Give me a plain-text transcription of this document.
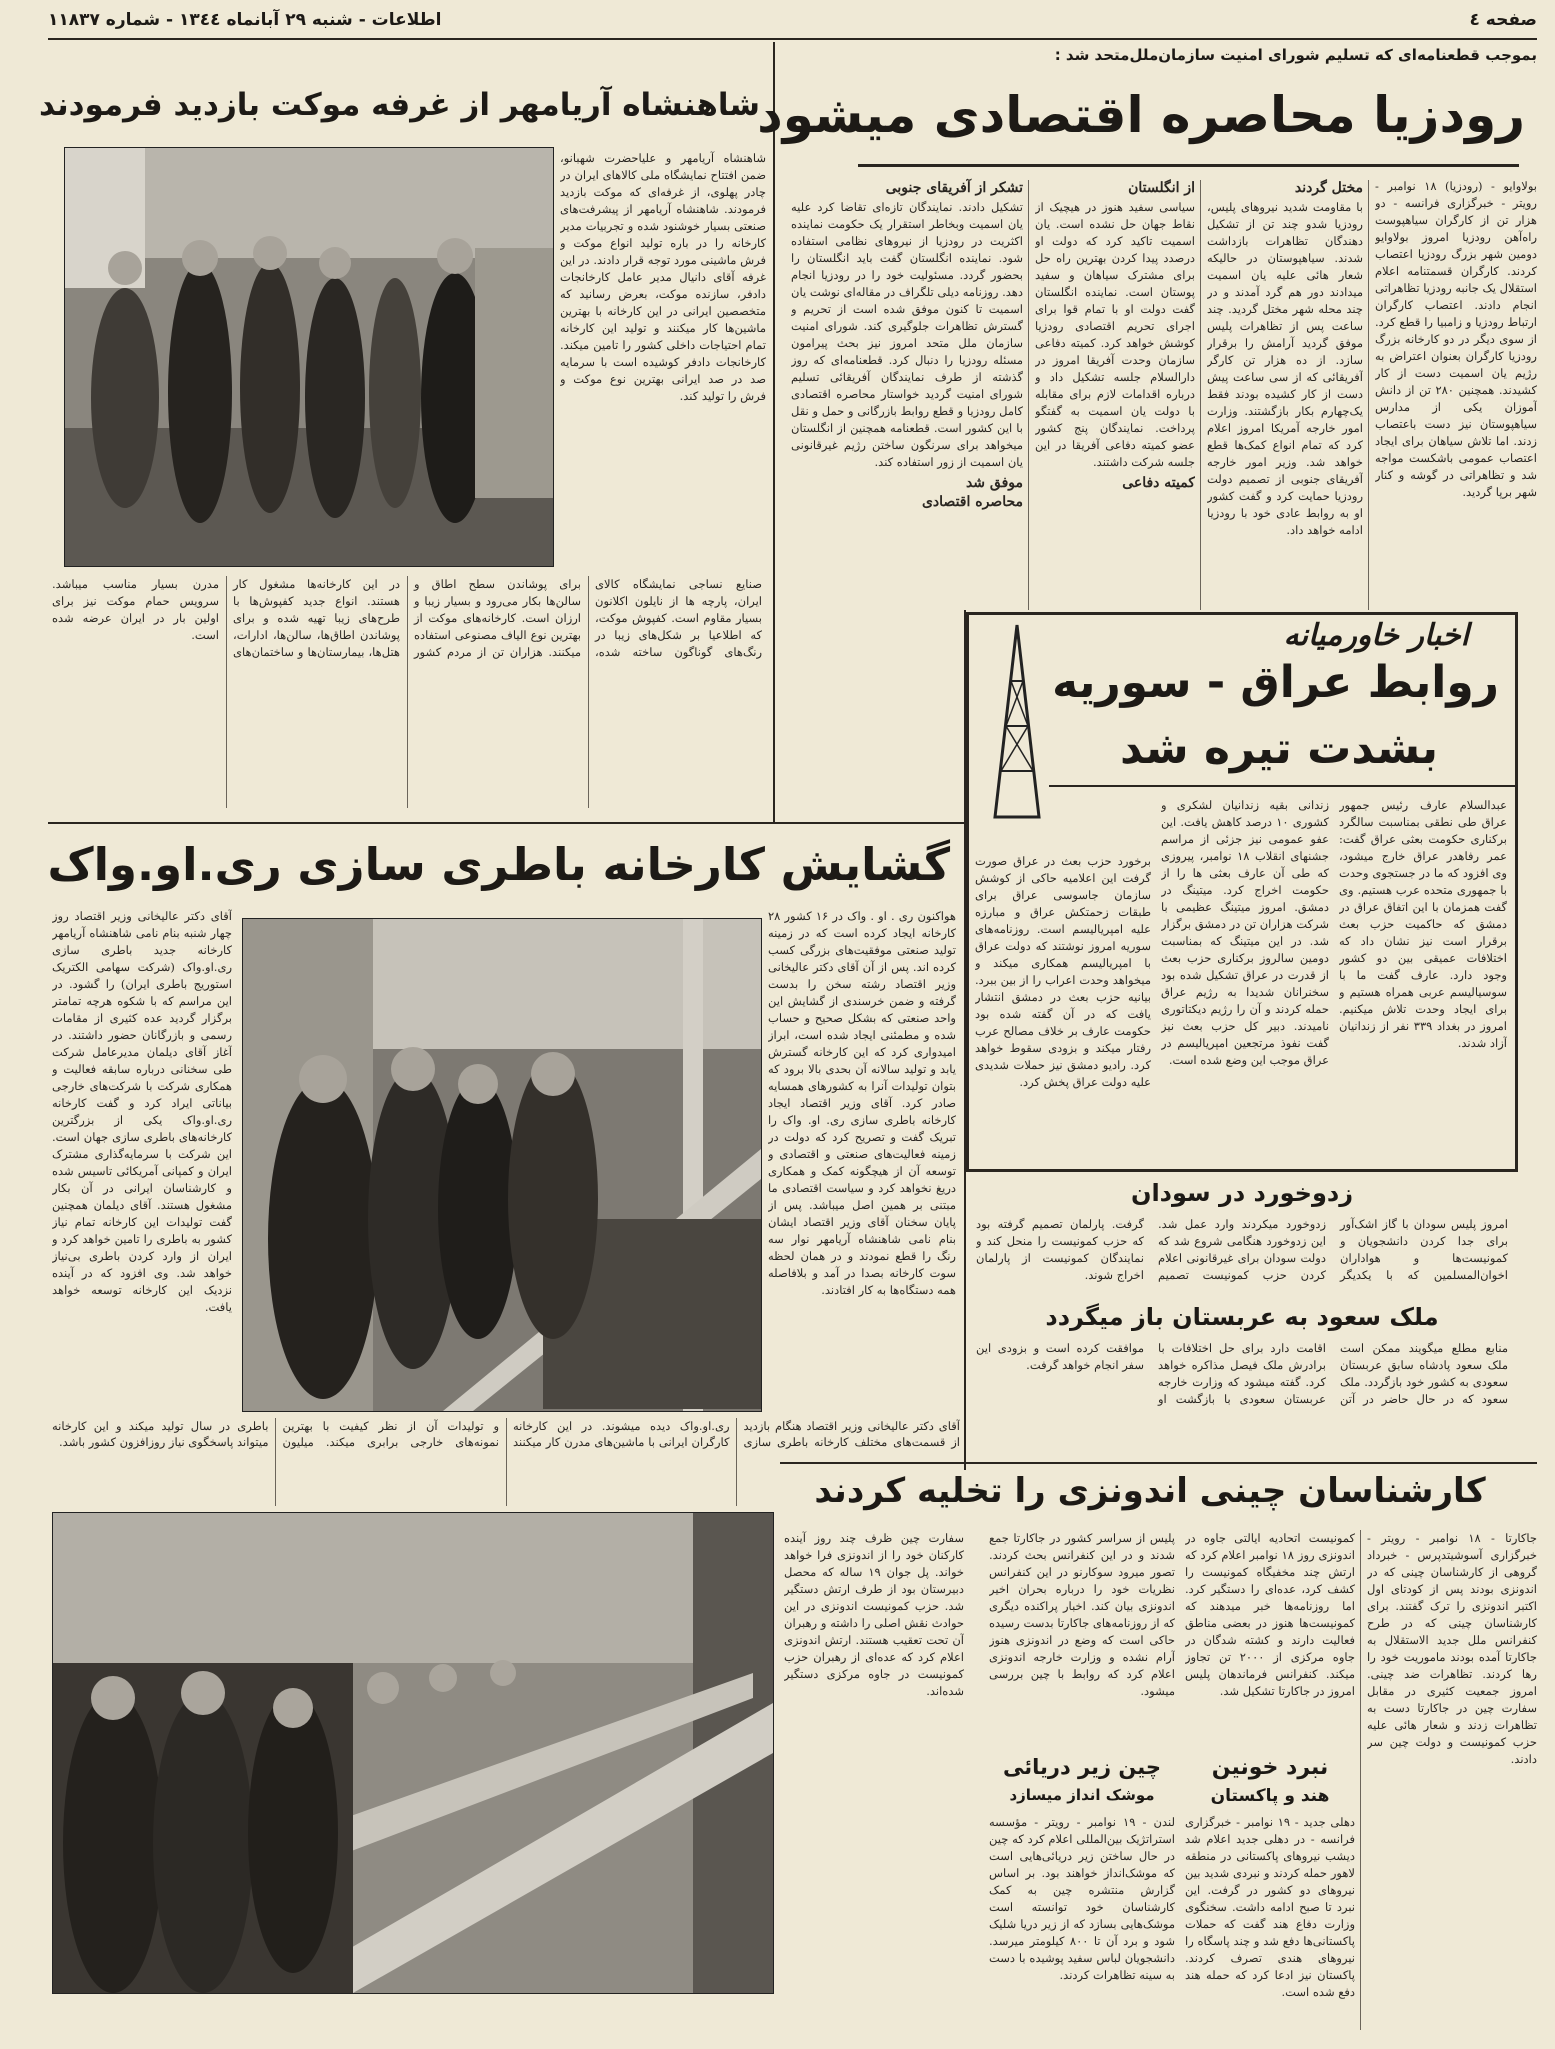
صفحه ٤
اطلاعات - شنبه ۲۹ آبانماه ۱۳٤٤ - شماره ۱۱۸۳۷
بموجب قطعنامه‌ای که تسلیم شورای امنیت سازمان‌ملل‌متحد شد :
رودزیا محاصره اقتصادی میشود

بولاوایو - (رودزیا) ۱۸ نوامبر - رویتر - خبرگزاری فرانسه - دو هزار تن از کارگران سیاهپوست راه‌آهن رودزیا امروز بولاوایو دومین شهر بزرگ رودزیا اعتصاب کردند. کارگران قسمتنامه اعلام استقلال یک جانبه رودزیا تظاهراتی انجام دادند. اعتصاب کارگران ارتباط رودزیا و زامبیا را قطع کرد. از سوی دیگر در دو کارخانه بزرگ رودزیا کارگران بعنوان اعتراض به رژیم یان اسمیت دست از کار کشیدند. همچنین ۲۸۰ تن از دانش آموزان یکی از مدارس سیاهپوستان نیز دست باعتصاب زدند. اما تلاش سیاهان برای ایجاد اعتصاب عمومی باشکست مواجه شد و تظاهراتی در گوشه و کنار شهر برپا گردید.

مختل گردند

با مقاومت شدید نیروهای پلیس، رودزیا شدو چند تن از تشکیل دهندگان تظاهرات بازداشت شدند. سیاهپوستان در حالیکه شعار هائی علیه یان اسمیت میدادند دور هم گرد آمدند و در چند محله شهر مختل گردید. چند ساعت پس از تظاهرات پلیس موفق گردید آرامش را برقرار سازد. از ده هزار تن کارگر آفریقائی که از سی ساعت پیش دست از کار کشیده بودند فقط یک‌چهارم بکار بازگشتند. وزارت امور خارجه آمریکا امروز اعلام کرد که تمام انواع کمک‌ها قطع خواهد شد. وزیر امور خارجه آفریقای جنوبی از تصمیم دولت رودزیا حمایت کرد و گفت کشور او به روابط عادی خود با رودزیا ادامه خواهد داد.

از انگلستان

سیاسی سفید هنوز در هیچیک از نقاط جهان حل نشده است. یان اسمیت تاکید کرد که دولت او درصدد پیدا کردن بهترین راه حل برای مشترک سیاهان و سفید پوستان است. نماینده انگلستان گفت دولت او با تمام قوا برای اجرای تحریم اقتصادی رودزیا کوشش خواهد کرد. کمیته دفاعی سازمان وحدت آفریقا امروز در دارالسلام جلسه تشکیل داد و درباره اقدامات لازم برای مقابله با دولت یان اسمیت به گفتگو پرداخت. نمایندگان پنج کشور عضو کمیته دفاعی آفریقا در این جلسه شرکت داشتند.

کمیته دفاعی
تشکر از آفریقای جنوبی

تشکیل دادند. نمایندگان تازه‌ای تقاضا کرد علیه یان اسمیت وبخاطر استقرار یک حکومت نماینده اکثریت در رودزیا از نیروهای نظامی استفاده شود. نماینده انگلستان گفت باید انگلستان را بحضور گردد. مسئولیت خود را در رودزیا انجام دهد. روزنامه دیلی تلگراف در مقاله‌ای نوشت یان اسمیت تا کنون موفق شده است از تحریم و گسترش تظاهرات جلوگیری کند. شورای امنیت سازمان ملل متحد امروز نیز بحث پیرامون مسئله رودزیا را دنبال کرد. قطعنامه‌ای که روز گذشته از طرف نمایندگان آفریقائی تسلیم شورای امنیت گردید خواستار محاصره اقتصادی کامل رودزیا و قطع روابط بازرگانی و حمل و نقل با این کشور است. قطعنامه همچنین از انگلستان میخواهد برای سرنگون ساختن رژیم غیرقانونی یان اسمیت از زور استفاده کند.

موفق شد
محاصره اقتصادی
شاهنشاه آریامهر از غرفه موکت بازدید فرمودند

شاهنشاه آریامهر و علیاحضرت شهبانو، ضمن افتتاح نمایشگاه ملی کالاهای ایران در چادر پهلوی، از غرفه‌ای که موکت بازدید فرمودند. شاهنشاه آریامهر از پیشرفت‌های صنعتی بسیار خوشنود شده و تجربیات مدیر کارخانه را در باره تولید انواع موکت و فرش ماشینی مورد توجه قرار دادند. در این غرفه آقای دانیال مدیر عامل کارخانجات دادفر، سازنده موکت، بعرض رسانید که متخصصین ایرانی در این کارخانه با بهترین ماشین‌ها کار میکنند و تولید این کارخانه تمام احتیاجات داخلی کشور را تامین میکند. کارخانجات دادفر کوشیده است با سرمایه صد در صد ایرانی بهترین نوع موکت و فرش را تولید کند.

صنایع نساجی نمایشگاه کالای ایران، پارچه ها از نایلون اکلانون بسیار مقاوم است. کفپوش موکت، که اطلاعیا بر شکل‌های زیبا در رنگ‌های گوناگون ساخته شده، برای پوشاندن سطح اطاق و سالن‌ها بکار می‌رود و بسیار زیبا و ارزان است. کارخانه‌های موکت از بهترین نوع الیاف مصنوعی استفاده میکنند. هزاران تن از مردم کشور در این کارخانه‌ها مشغول کار هستند. انواع جدید کفپوش‌ها با طرح‌های زیبا تهیه شده و برای پوشاندن اطاق‌ها، سالن‌ها، ادارات، هتل‌ها، بیمارستان‌ها و ساختمان‌های مدرن بسیار مناسب میباشد. سرویس حمام موکت نیز برای اولین بار در ایران عرضه شده است.

گشایش کارخانه باطری سازی ری.او.واک

هواکنون ری . او . واک در ۱۶ کشور ۲۸ کارخانه ایجاد کرده است که در زمینه تولید صنعتی موفقیت‌های بزرگی کسب کرده اند. پس از آن آقای دکتر عالیخانی وزیر اقتصاد رشته سخن را بدست گرفته و ضمن خرسندی از گشایش این واحد صنعتی که بشکل صحیح و حساب شده و مطمئنی ایجاد شده است، ابراز امیدواری کرد که این کارخانه گسترش یابد و تولید سالانه آن بحدی بالا برود که بتوان تولیدات آنرا به کشورهای همسایه صادر کرد. آقای وزیر اقتصاد ایجاد کارخانه باطری سازی ری. او. واک را تبریک گفت و تصریح کرد که دولت در زمینه فعالیت‌های صنعتی و اقتصادی و توسعه آن از هیچگونه کمک و همکاری دریغ نخواهد کرد و سیاست اقتصادی ما مبتنی بر همین اصل میباشد. پس از پایان سخنان آقای وزیر اقتصاد ایشان بنام نامی شاهنشاه آریامهر نوار سه رنگ را قطع نمودند و در همان لحظه سوت کارخانه بصدا در آمد و بلافاصله همه دستگاه‌ها به کار افتادند.

آقای دکتر عالیخانی وزیر اقتصاد روز چهار شنبه بنام نامی شاهنشاه آریامهر کارخانه جدید باطری سازی ری.او.واک (شرکت سهامی الکتریک استوریج باطری ایران) را گشود. در این مراسم که با شکوه هرچه تمامتر برگزار گردید عده کثیری از مقامات رسمی و بازرگانان حضور داشتند. در آغاز آقای دیلمان مدیرعامل شرکت طی سخنانی درباره سابقه فعالیت و همکاری شرکت با شرکت‌های خارجی بیاناتی ایراد کرد و گفت کارخانه ری.او.واک یکی از بزرگترین کارخانه‌های باطری سازی جهان است. این شرکت با سرمایه‌گذاری مشترک ایران و کمپانی آمریکائی تاسیس شده و کارشناسان ایرانی در آن بکار مشغول هستند. آقای دیلمان همچنین گفت تولیدات این کارخانه تمام نیاز کشور به باطری را تامین خواهد کرد و ایران از وارد کردن باطری بی‌نیاز خواهد شد. وی افزود که در آینده نزدیک این کارخانه توسعه خواهد یافت.

آقای دکتر عالیخانی وزیر اقتصاد هنگام بازدید از قسمت‌های مختلف کارخانه باطری سازی ری.او.واک دیده میشوند. در این کارخانه کارگران ایرانی با ماشین‌های مدرن کار میکنند و تولیدات آن از نظر کیفیت با بهترین نمونه‌های خارجی برابری میکند. میلیون باطری در سال تولید میکند و این کارخانه میتواند پاسخگوی نیاز روزافزون کشور باشد.

اخبار خاورمیانه
روابط عراق - سوریه
بشدت تیره شد

عبدالسلام عارف رئیس جمهور عراق طی نطقی بمناسبت سالگرد برکناری حکومت بعثی عراق گفت: عمر رفاهدر عراق خارج میشود، وی افزود که ما در جستجوی وحدت با جمهوری متحده عرب هستیم. وی گفت همزمان با این اتفاق عراق در دمشق که حاکمیت حزب بعث برقرار است نیز نشان داد که اختلافات عمیقی بین دو کشور وجود دارد. عارف گفت ما با سوسیالیسم عربی همراه هستیم و برای ایجاد وحدت تلاش میکنیم. امروز در بغداد ۳۳۹ نفر از زندانیان آزاد شدند.

زندانی بقیه زندانیان لشکری و کشوری ۱۰ درصد کاهش یافت. این عفو عمومی نیز جزئی از مراسم جشنهای انقلاب ۱۸ نوامبر، پیروزی که طی آن عارف بعثی ها را از حکومت اخراج کرد. میتینگ در دمشق. امروز میتینگ عظیمی با شرکت هزاران تن در دمشق برگزار شد. در این میتینگ که بمناسبت دومین سالروز برکناری حزب بعث از قدرت در عراق تشکیل شده بود سخنرانان شدیدا به رژیم عراق حمله کردند و آن را رژیم دیکتاتوری نامیدند. دبیر کل حزب بعث نیز گفت نفوذ مرتجعین امپریالیسم در عراق موجب این وضع شده است.

برخورد حزب بعث در عراق صورت گرفت این اعلامیه حاکی از کوشش سازمان جاسوسی عراق برای طبقات زحمتکش عراق و مبارزه علیه امپریالیسم است. روزنامه‌های سوریه امروز نوشتند که دولت عراق با امپریالیسم همکاری میکند و میخواهد وحدت اعراب را از بین ببرد. بیانیه حزب بعث در دمشق انتشار یافت که در آن گفته شده بود حکومت عارف بر خلاف مصالح عرب رفتار میکند و بزودی سقوط خواهد کرد. رادیو دمشق نیز حملات شدیدی علیه دولت عراق پخش کرد.

زدوخورد در سودان

امروز پلیس سودان با گاز اشک‌آور برای جدا کردن دانشجویان و کمونیست‌ها و هواداران اخوان‌المسلمین که با یکدیگر زدوخورد میکردند وارد عمل شد. این زدوخورد هنگامی شروع شد که دولت سودان برای غیرقانونی اعلام کردن حزب کمونیست تصمیم گرفت. پارلمان تصمیم گرفته بود که حزب کمونیست را منحل کند و نمایندگان کمونیست از پارلمان اخراج شوند.

ملک سعود به عربستان باز میگردد

منابع مطلع میگویند ممکن است ملک سعود پادشاه سابق عربستان سعودی به کشور خود بازگردد. ملک سعود که در حال حاضر در آتن اقامت دارد برای حل اختلافات با برادرش ملک فیصل مذاکره خواهد کرد. گفته میشود که وزارت خارجه عربستان سعودی با بازگشت او موافقت کرده است و بزودی این سفر انجام خواهد گرفت.

کارشناسان چینی اندونزی را تخلیه کردند

جاکارتا - ۱۸ نوامبر - رویتر - خبرگزاری آسوشیتدپرس - خبرداد گروهی از کارشناسان چینی که در اندونزی بودند پس از کودتای اول اکتبر اندونزی را ترک گفتند. برای کارشناسان چینی که در طرح کنفرانس ملل جدید الاستقلال به جاکارتا آمده بودند ماموریت خود را رها کردند. تظاهرات ضد چینی. امروز جمعیت کثیری در مقابل سفارت چین در جاکارتا دست به تظاهرات زدند و شعار هائی علیه حزب کمونیست و دولت چین سر دادند.

کمونیست اتحادیه ایالتی جاوه در اندونزی روز ۱۸ نوامبر اعلام کرد که ارتش چند مخفیگاه کمونیست را کشف کرد، عده‌ای را دستگیر کرد. اما روزنامه‌ها خبر میدهند که کمونیست‌ها هنوز در بعضی مناطق فعالیت دارند و کشته شدگان در جاوه مرکزی از ۲۰۰۰ تن تجاوز میکند. کنفرانس فرماندهان پلیس امروز در جاکارتا تشکیل شد.

پلیس از سراسر کشور در جاکارتا جمع شدند و در این کنفرانس بحث کردند. تصور میرود سوکارنو در این کنفرانس نظریات خود را درباره بحران اخیر اندونزی بیان کند. اخبار پراکنده دیگری که از روزنامه‌های جاکارتا بدست رسیده حاکی است که وضع در اندونزی هنوز آرام نشده و وزارت خارجه اندونزی اعلام کرد که روابط با چین بررسی میشود.

سفارت چین ظرف چند روز آینده کارکنان خود را از اندونزی فرا خواهد خواند. پل جوان ۱۹ ساله که محصل دبیرستان بود از طرف ارتش دستگیر شد. حزب کمونیست اندونزی در این حوادث نقش اصلی را داشته و رهبران آن تحت تعقیب هستند. ارتش اندونزی اعلام کرد که عده‌ای از رهبران حزب کمونیست در جاوه مرکزی دستگیر شده‌اند.

نبرد خونین
هند و پاکستان

دهلی جدید - ۱۹ نوامبر - خبرگزاری فرانسه - در دهلی جدید اعلام شد دیشب نیروهای پاکستانی در منطقه لاهور حمله کردند و نبردی شدید بین نیروهای دو کشور در گرفت. این نبرد تا صبح ادامه داشت. سخنگوی وزارت دفاع هند گفت که حملات پاکستانی‌ها دفع شد و چند پاسگاه را نیروهای هندی تصرف کردند. پاکستان نیز ادعا کرد که حمله هند دفع شده است.

چین زیر دریائی
موشک انداز میسازد

لندن - ۱۹ نوامبر - رویتر - مؤسسه استراتژیک بین‌المللی اعلام کرد که چین در حال ساختن زیر دریائی‌هایی است که موشک‌انداز خواهند بود. بر اساس گزارش منتشره چین به کمک کارشناسان خود توانسته است موشک‌هایی بسازد که از زیر دریا شلیک شود و برد آن تا ۸۰۰ کیلومتر میرسد. دانشجویان لباس سفید پوشیده با دست به سینه تظاهرات کردند.
